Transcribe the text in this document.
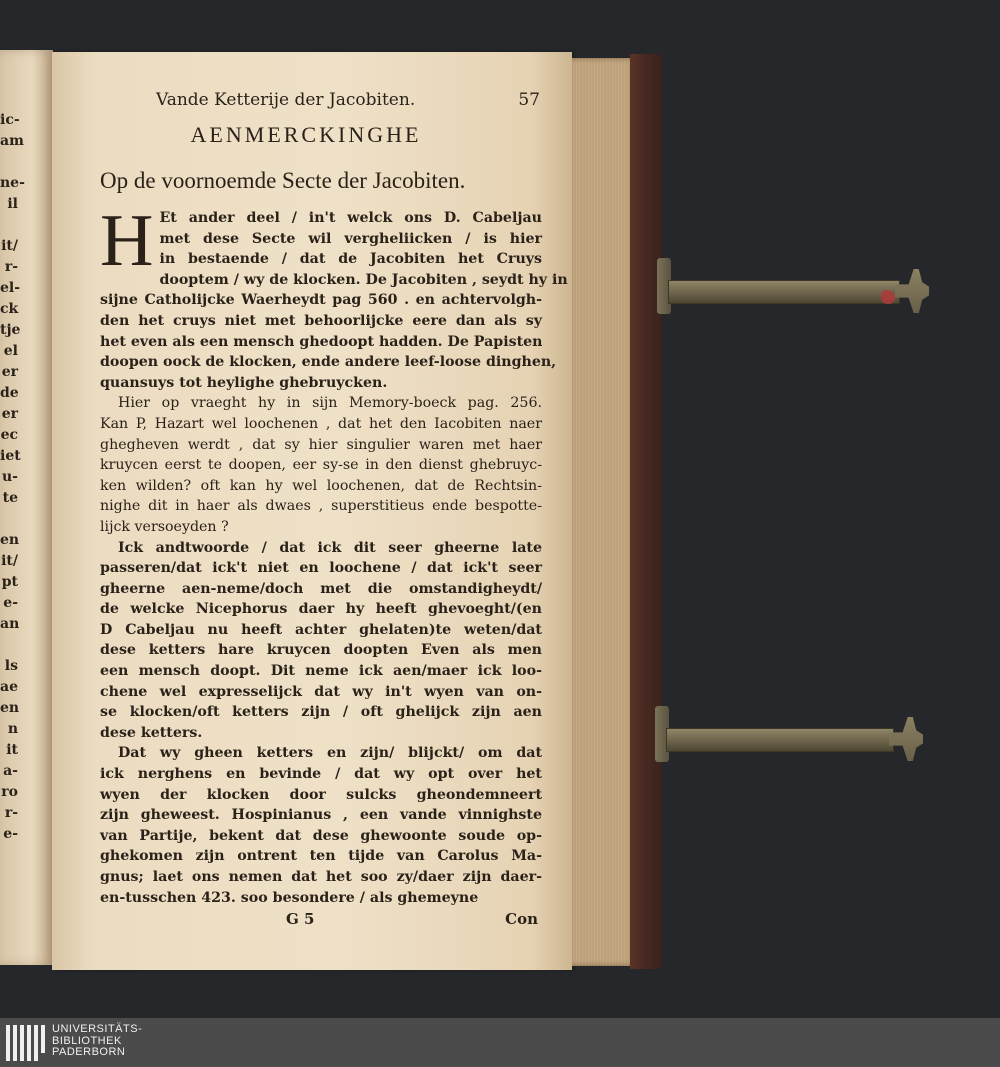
ic-
am
ne-
il
it/
r-
el-
ck
tje
el
er
de
er
ec
iet
u-
te
en
it/
pt
e-
an
ls
ae
en
n
it
a-
ro
r-
e-
Vande Ketterije der Jacobiten.	57
AENMERCKINGHE
Op de voornoemde Secte der Jacobiten.
H Et ander deel / in't welck ons D. Cabeljau
met dese Secte wil vergheliicken / is hier
in bestaende / dat de Jacobiten het Cruys
dooptem / wy de klocken. De Jacobiten , seydt hy in
sijne Catholijcke Waerheydt pag 560 . en achtervolgh-
den het cruys niet met behoorlijcke eere dan als sy
het even als een mensch ghedoopt hadden. De Papisten
doopen oock de klocken, ende andere leef-loose dinghen,
quansuys tot heylighe ghebruycken.
Hier op vraeght hy in sijn Memory-boeck pag. 256.
Kan P, Hazart wel loochenen , dat het den Iacobiten naer
ghegheven werdt , dat sy hier singulier waren met haer
kruycen eerst te doopen, eer sy-se in den dienst ghebruyc-
ken wilden? oft kan hy wel loochenen, dat de Rechtsin-
nighe dit in haer als dwaes , superstitieus ende bespotte-
lijck versoeyden ?
Ick andtwoorde / dat ick dit seer gheerne late
passeren/dat ick't niet en loochene / dat ick't seer
gheerne aen-neme/doch met die omstandigheydt/
de welcke Nicephorus daer hy heeft ghevoeght/(en
D Cabeljau nu heeft achter ghelaten)te weten/dat
dese ketters hare kruycen doopten Even als men
een mensch doopt. Dit neme ick aen/maer ick loo-
chene wel expresselijck dat wy in't wyen van on-
se klocken/oft ketters zijn / oft ghelijck zijn aen
dese ketters.
Dat wy gheen ketters en zijn/ blijckt/ om dat
ick nerghens en bevinde / dat wy opt over het
wyen der klocken door sulcks gheondemneert
zijn gheweest. Hospinianus , een vande vinnighste
van Partije, bekent dat dese ghewoonte soude op-
ghekomen zijn ontrent ten tijde van Carolus Ma-
gnus; laet ons nemen dat het soo zy/daer zijn daer-
en-tusschen 423. soo besondere / als ghemeyne
G 5	Con
UNIVERSITÄTS-
BIBLIOTHEK
PADERBORN
